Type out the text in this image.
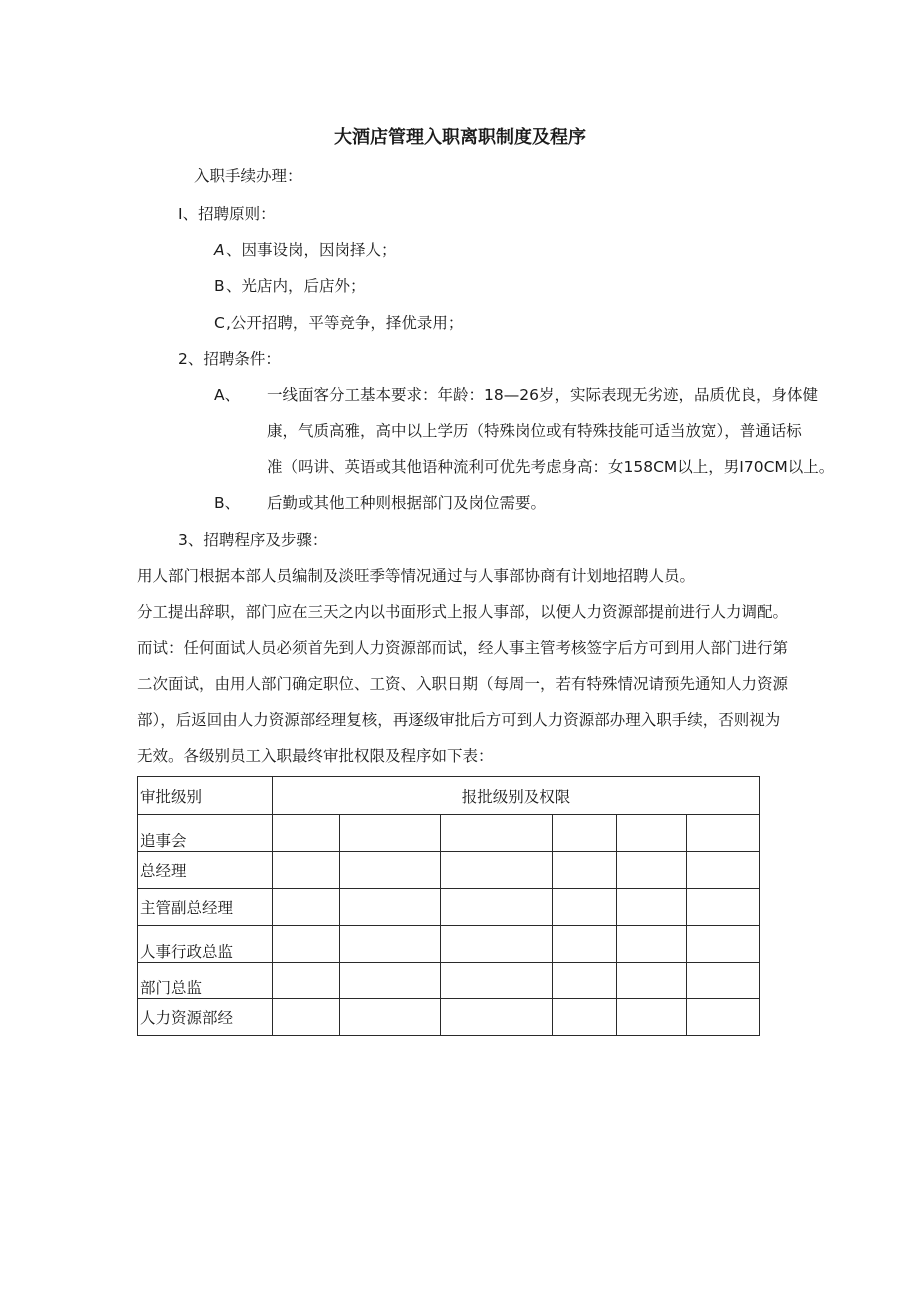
大酒店管理入职离职制度及程序
入职手续办理：
I、招聘原则：
A 、因事设岗，因岗择人；
B 、光店内，后店外；
C ,公开招聘，平等竞争，择优录用；
2、招聘条件：
A、 一线面客分工基本要求：年龄：18—26岁，实际表现无劣迹，品质优良，身体健
康，气质高雅，高中以上学历（特殊岗位或有特殊技能可适当放宽），普通话标
准（吗讲、英语或其他语种流利可优先考虑身高：女158CM以上，男I70CM以上。
B、 后勤或其他工种则根据部门及岗位需要。
3、招聘程序及步骤：
用人部门根据本部人员编制及淡旺季等情况通过与人事部协商有计划地招聘人员。
分工提出辞职，部门应在三天之内以书面形式上报人事部，以便人力资源部提前进行人力调配。
而试：任何面试人员必须首先到人力资源部而试，经人事主管考核签字后方可到用人部门进行第
二次面试，由用人部门确定职位、工资、入职日期（每周一，若有特殊情况请预先通知人力资源
部），后返回由人力资源部经理复核，再逐级审批后方可到人力资源部办理入职手续，否则视为
无效。各级别员工入职最终审批权限及程序如下表：
审批级别	报批级别及权限					
追事会						
总经理						
主管副总经理						
人事行政总监						
部门总监						
人力资源部经						
